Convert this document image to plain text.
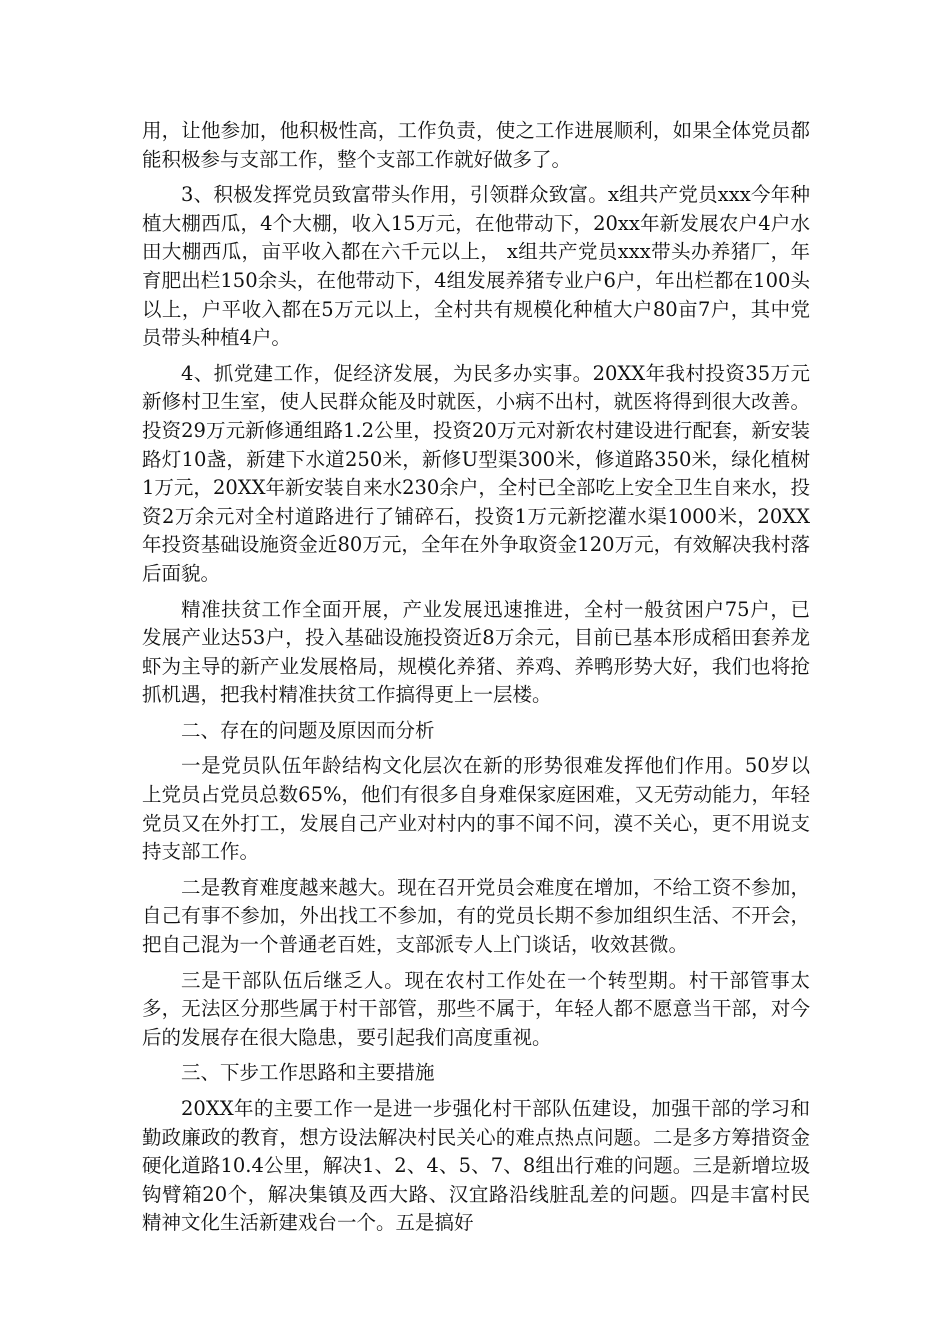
用，让他参加，他积极性高，工作负责，使之工作进展顺利，如果全体党员都能积极参与支部工作，整个支部工作就好做多了。

3、积极发挥党员致富带头作用，引领群众致富。x组共产党员xxx今年种植大棚西瓜，4个大棚，收入15万元，在他带动下，20xx年新发展农户4户水田大棚西瓜，亩平收入都在六千元以上， x组共产党员xxx带头办养猪厂，年育肥出栏150余头，在他带动下，4组发展养猪专业户6户，年出栏都在100头以上，户平收入都在5万元以上，全村共有规模化种植大户80亩7户，其中党员带头种植4户。

4、抓党建工作，促经济发展，为民多办实事。20XX年我村投资35万元新修村卫生室，使人民群众能及时就医，小病不出村，就医将得到很大改善。投资29万元新修通组路1.2公里，投资20万元对新农村建设进行配套，新安装路灯10盏，新建下水道250米，新修U型渠300米，修道路350米，绿化植树1万元，20XX年新安装自来水230余户，全村已全部吃上安全卫生自来水，投资2万余元对全村道路进行了铺碎石，投资1万元新挖灌水渠1000米，20XX年投资基础设施资金近80万元，全年在外争取资金120万元，有效解决我村落后面貌。

精准扶贫工作全面开展，产业发展迅速推进，全村一般贫困户75户，已发展产业达53户，投入基础设施投资近8万余元，目前已基本形成稻田套养龙虾为主导的新产业发展格局，规模化养猪、养鸡、养鸭形势大好，我们也将抢抓机遇，把我村精准扶贫工作搞得更上一层楼。

二、存在的问题及原因而分析

一是党员队伍年龄结构文化层次在新的形势很难发挥他们作用。50岁以上党员占党员总数65%，他们有很多自身难保家庭困难，又无劳动能力，年轻党员又在外打工，发展自己产业对村内的事不闻不问，漠不关心，更不用说支持支部工作。

二是教育难度越来越大。现在召开党员会难度在增加，不给工资不参加，自己有事不参加，外出找工不参加，有的党员长期不参加组织生活、不开会，把自己混为一个普通老百姓，支部派专人上门谈话，收效甚微。

三是干部队伍后继乏人。现在农村工作处在一个转型期。村干部管事太多，无法区分那些属于村干部管，那些不属于，年轻人都不愿意当干部，对今后的发展存在很大隐患，要引起我们高度重视。

三、下步工作思路和主要措施

20XX年的主要工作一是进一步强化村干部队伍建设，加强干部的学习和勤政廉政的教育，想方设法解决村民关心的难点热点问题。二是多方筹措资金硬化道路10.4公里，解决1、2、4、5、7、8组出行难的问题。三是新增垃圾钩臂箱20个，解决集镇及西大路、汉宜路沿线脏乱差的问题。四是丰富村民精神文化生活新建戏台一个。五是搞好
